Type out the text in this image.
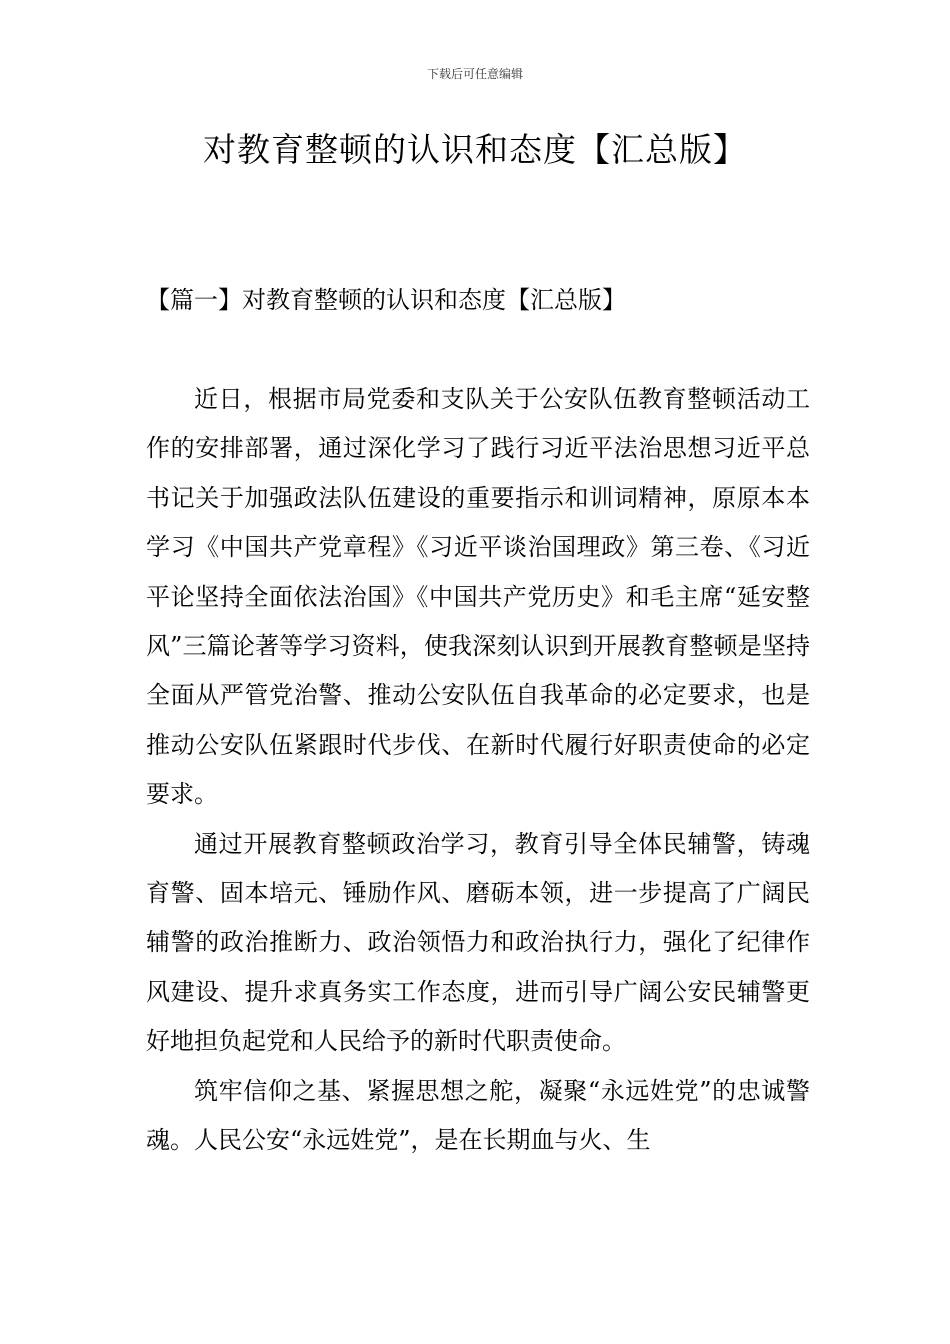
下载后可任意编辑
对教育整顿的认识和态度【汇总版】
【篇一】对教育整顿的认识和态度【汇总版】

近日，根据市局党委和支队关于公安队伍教育整顿活动工作的安排部署，通过深化学习了践行习近平法治思想习近平总书记关于加强政法队伍建设的重要指示和训词精神，原原本本学习《中国共产党章程》《习近平谈治国理政》第三卷、《习近平论坚持全面依法治国》《中国共产党历史》和毛主席“延安整风”三篇论著等学习资料，使我深刻认识到开展教育整顿是坚持全面从严管党治警、推动公安队伍自我革命的必定要求，也是推动公安队伍紧跟时代步伐、在新时代履行好职责使命的必定要求。

通过开展教育整顿政治学习，教育引导全体民辅警，铸魂育警、固本培元、锤励作风、磨砺本领，进一步提高了广阔民辅警的政治推断力、政治领悟力和政治执行力，强化了纪律作风建设、提升求真务实工作态度，进而引导广阔公安民辅警更好地担负起党和人民给予的新时代职责使命。

筑牢信仰之基、紧握思想之舵，凝聚“永远姓党”的忠诚警魂。人民公安“永远姓党”，是在长期血与火、生
